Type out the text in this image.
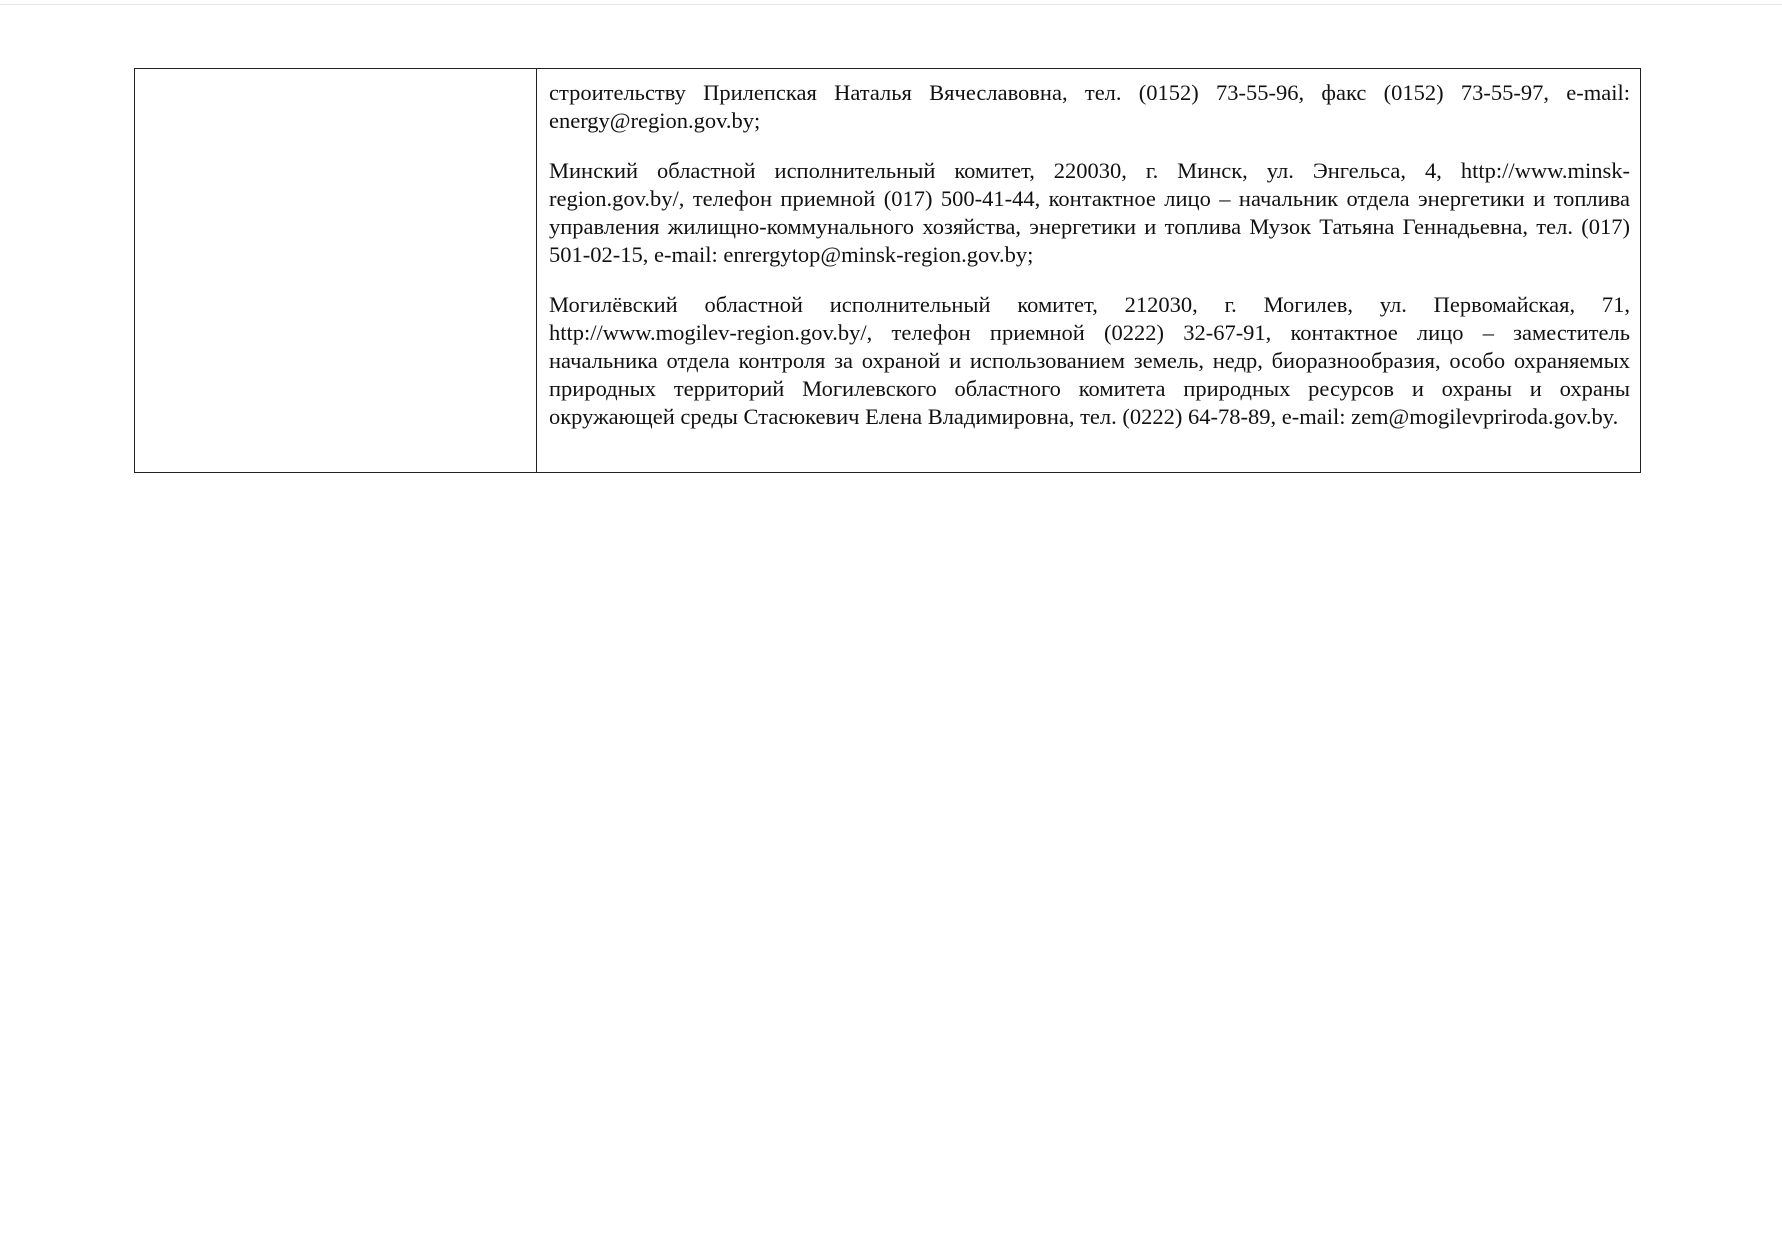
строительству Прилепская Наталья Вячеславовна, тел. (0152) 73-55-96, факс (0152) 73-55-97, e-mail: energy@region.gov.by;

Минский областной исполнительный комитет, 220030, г. Минск, ул. Энгельса, 4, http://www.minsk-region.gov.by/, телефон приемной (017) 500-41-44, контактное лицо – начальник отдела энергетики и топлива управления жилищно-коммунального хозяйства, энергетики и топлива Музок Татьяна Геннадьевна, тел. (017) 501-02-15, e-mail: enrergytop@minsk-region.gov.by;

Могилёвский областной исполнительный комитет, 212030, г. Могилев, ул. Первомайская, 71, http://www.mogilev-region.gov.by/, телефон приемной (0222) 32-67-91, контактное лицо – заместитель начальника отдела контроля за охраной и использованием земель, недр, биоразнообразия, особо охраняемых природных территорий Могилевского областного комитета природных ресурсов и охраны и охраны окружающей среды Стасюкевич Елена Владимировна, тел. (0222) 64-78-89, e-mail: zem@mogilevpriroda.gov.by.
